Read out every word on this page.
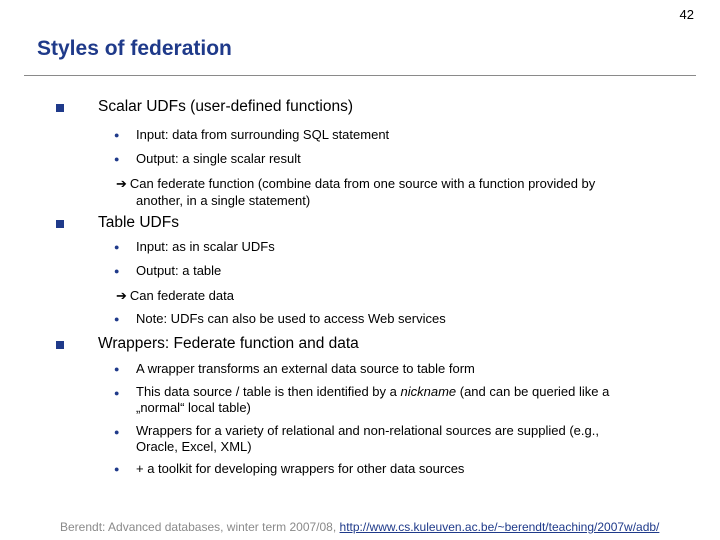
42
Styles of federation
Scalar UDFs (user-defined functions)
● Input: data from surrounding SQL statement
● Output: a single scalar result
➔ Can federate function (combine data from one source with a function provided by
another, in a single statement)
Table UDFs
● Input: as in scalar UDFs
● Output: a table
➔ Can federate data
● Note: UDFs can also be used to access Web services
Wrappers: Federate function and data
● A wrapper transforms an external data source to table form
● This data source / table is then identified by a nickname (and can be queried like a
„normal“ local table)
● Wrappers for a variety of relational and non-relational sources are supplied (e.g.,
Oracle, Excel, XML)
● + a toolkit for developing wrappers for other data sources
Berendt: Advanced databases, winter term 2007/08, http://www.cs.kuleuven.ac.be/~berendt/teaching/2007w/adb/
